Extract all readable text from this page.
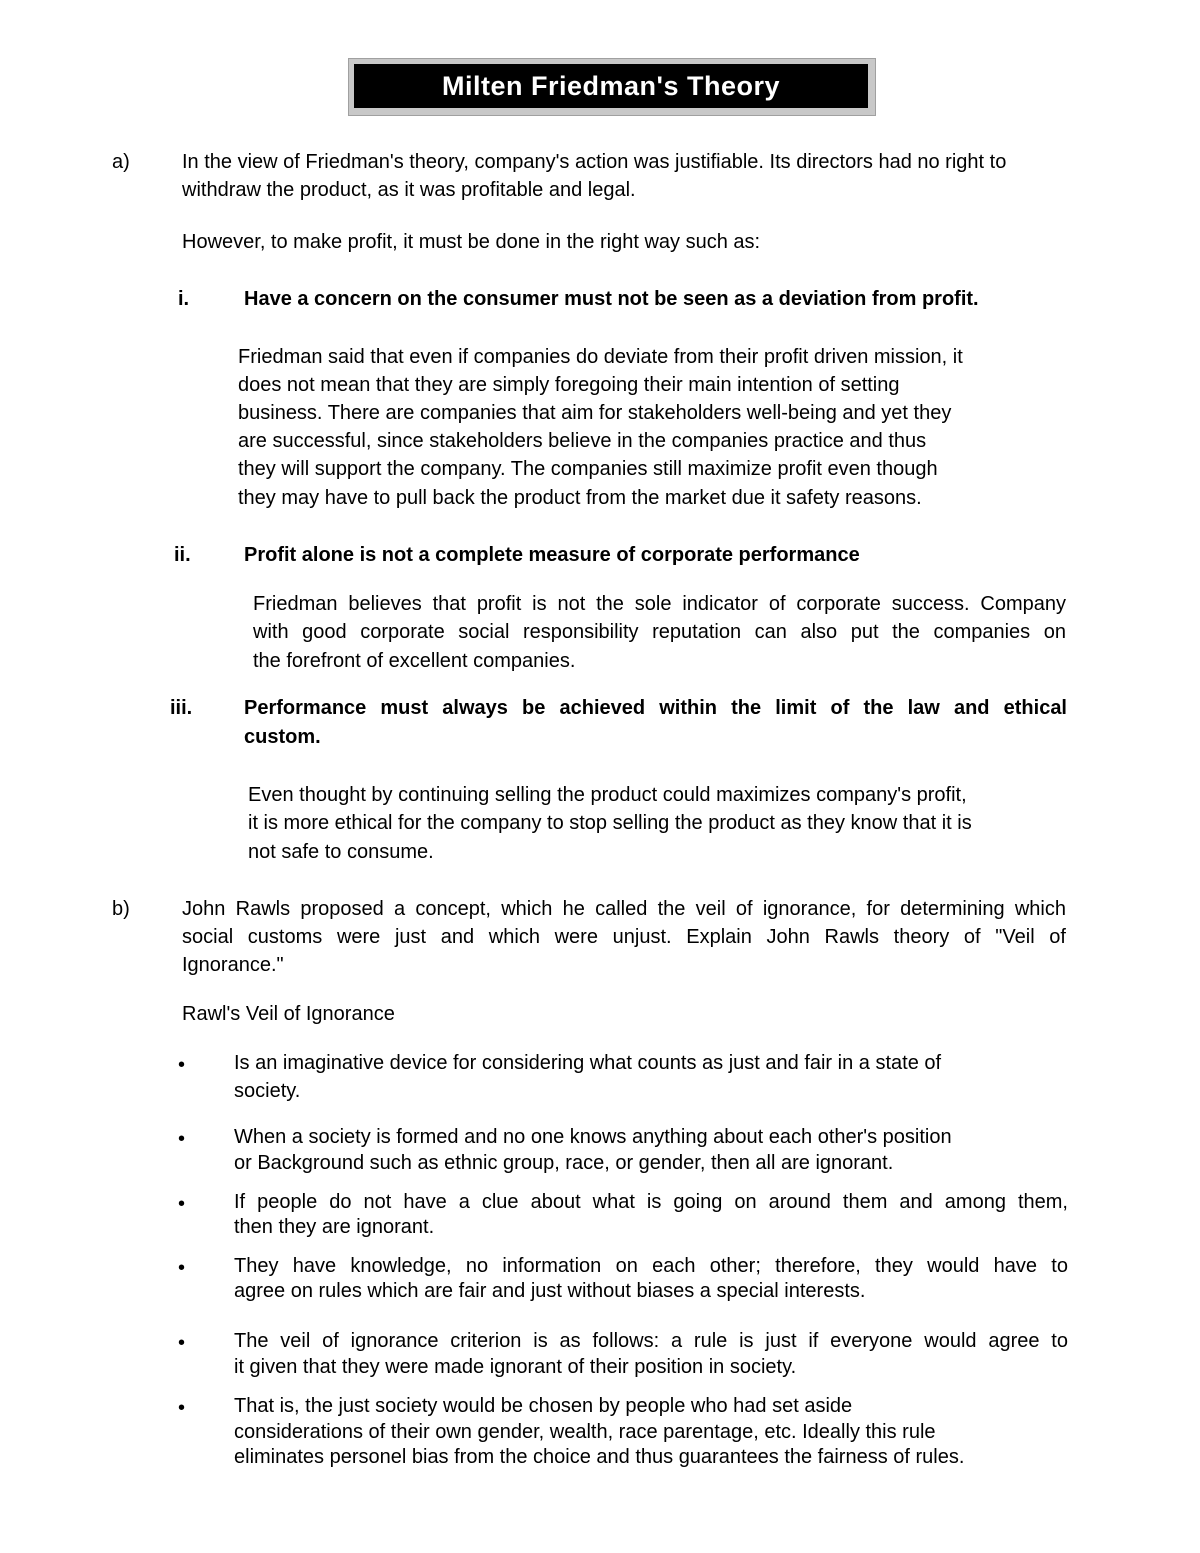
Milten Friedman's Theory
a)	In the view of Friedman's theory, company's action was justifiable. Its directors had no right to
withdraw the product, as it was profitable and legal.
However, to make profit, it must be done in the right way such as:
i.	Have a concern on the consumer must not be seen as a deviation from profit.
Friedman said that even if companies do deviate from their profit driven mission, it
does not mean that they are simply foregoing their main intention of setting
business. There are companies that aim for stakeholders well-being and yet they
are successful, since stakeholders believe in the companies practice and thus
they will support the company. The companies still maximize profit even though
they may have to pull back the product from the market due it safety reasons.
ii.	Profit alone is not a complete measure of corporate performance
Friedman believes that profit is not the sole indicator of corporate success. Company
with good corporate social responsibility reputation can also put the companies on
the forefront of excellent companies.
iii.	Performance must always be achieved within the limit of the law and ethical
custom.
Even thought by continuing selling the product could maximizes company's profit,
it is more ethical for the company to stop selling the product as they know that it is
not safe to consume.
b)	John Rawls proposed a concept, which he called the veil of ignorance, for determining which
social customs were just and which were unjust. Explain John Rawls theory of "Veil of
Ignorance."
Rawl's Veil of Ignorance
• Is an imaginative device for considering what counts as just and fair in a state of
society.
• When a society is formed and no one knows anything about each other's position
or Background such as ethnic group, race, or gender, then all are ignorant.
• If people do not have a clue about what is going on around them and among them,
then they are ignorant.
• They have knowledge, no information on each other; therefore, they would have to
agree on rules which are fair and just without biases a special interests.
• The veil of ignorance criterion is as follows: a rule is just if everyone would agree to
it given that they were made ignorant of their position in society.
• That is, the just society would be chosen by people who had set aside
considerations of their own gender, wealth, race parentage, etc. Ideally this rule
eliminates personel bias from the choice and thus guarantees the fairness of rules.
